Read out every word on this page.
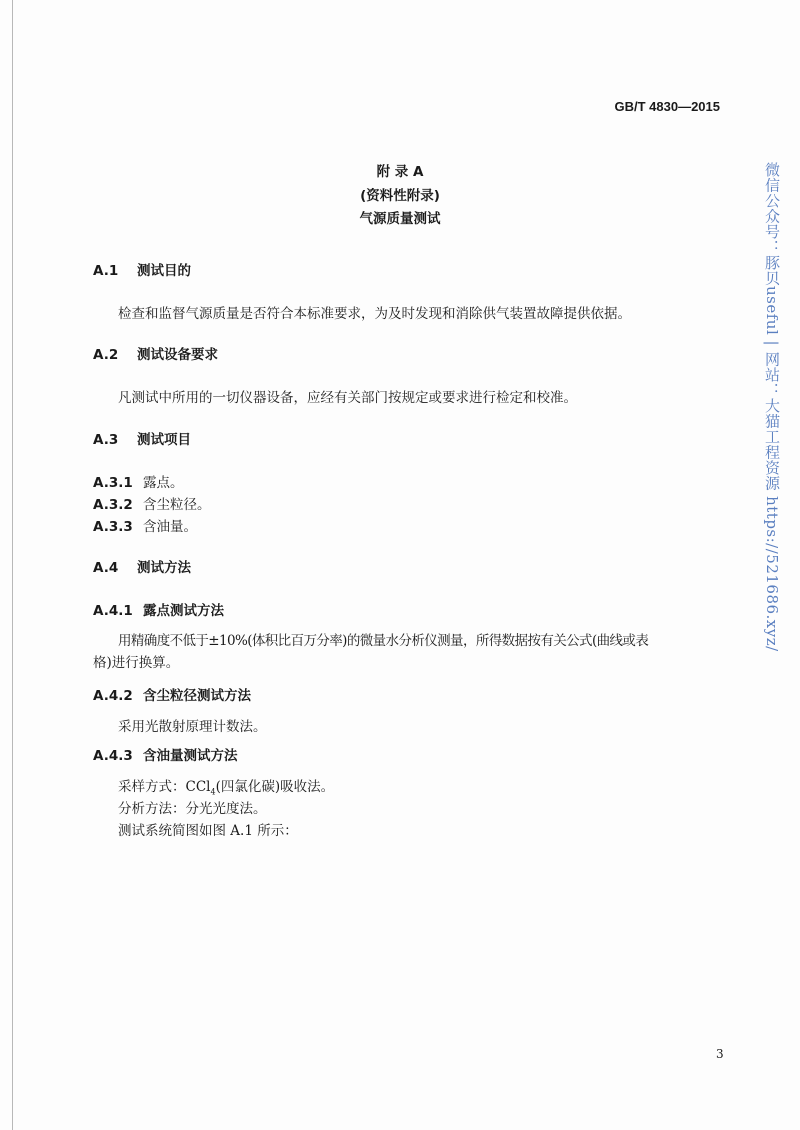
GB/T 4830—2015
附 录 A
(资料性附录)
气源质量测试
A.1 测试目的
检查和监督气源质量是否符合本标准要求，为及时发现和消除供气装置故障提供依据。
A.2 测试设备要求
凡测试中所用的一切仪器设备，应经有关部门按规定或要求进行检定和校准。
A.3 测试项目
A.3.1 露点。
A.3.2 含尘粒径。
A.3.3 含油量。
A.4 测试方法
A.4.1 露点测试方法
用精确度不低于±10%(体积比百万分率)的微量水分析仪测量，所得数据按有关公式(曲线或表
格)进行换算。
A.4.2 含尘粒径测试方法
采用光散射原理计数法。
A.4.3 含油量测试方法
采样方式：CCl$_4$(四氯化碳)吸收法。
分析方法：分光光度法。
测试系统简图如图 A.1 所示：
3
微信公众号：豚贝useful | 网站：大猫工程资源 https://521686.xyz/
